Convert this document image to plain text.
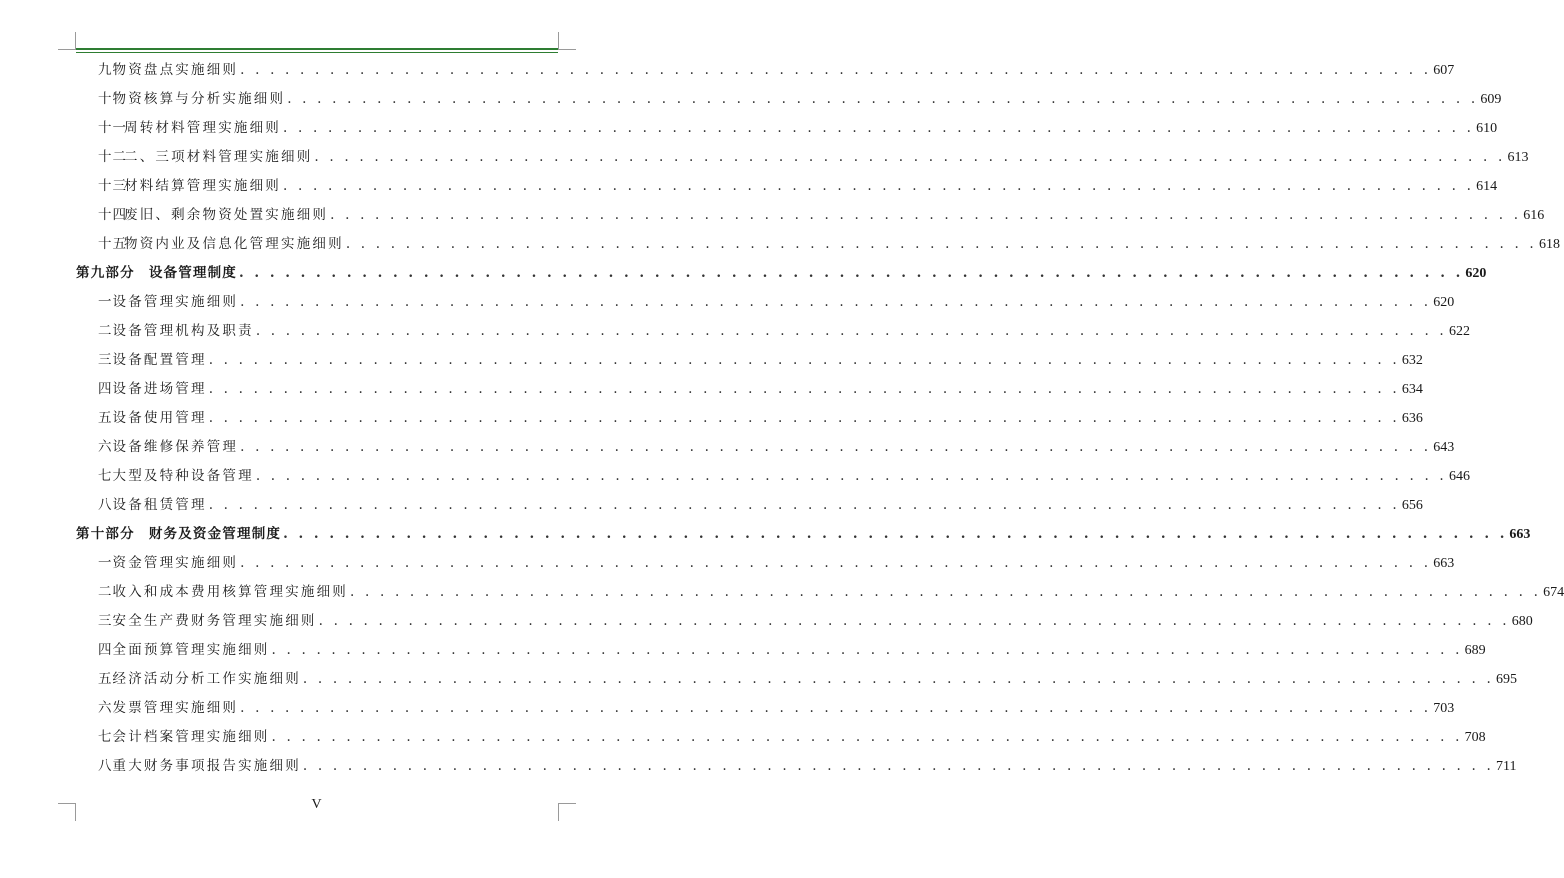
九 物资盘点实施细则 . . . . . . . . . . . . . . . . . . . . . . . . . . . . . . . . . . . . . . . . . . . . . . . . . . . . . . . . . . . . . . . . . . . . . . . . . . . . . . . . 607
十 物资核算与分析实施细则 . . . . . . . . . . . . . . . . . . . . . . . . . . . . . . . . . . . . . . . . . . . . . . . . . . . . . . . . . . . . . . . . . . . . . . . . . . . . . . . . 609
十一
周转材料管理实施细则 . . . . . . . . . . . . . . . . . . . . . . . . . . . . . . . . . . . . . . . . . . . . . . . . . . . . . . . . . . . . . . . . . . . . . . . . . . . . . . . . 610
十二
二、三项材料管理实施细则 . . . . . . . . . . . . . . . . . . . . . . . . . . . . . . . . . . . . . . . . . . . . . . . . . . . . . . . . . . . . . . . . . . . . . . . . . . . . . . . . 613
十三
材料结算管理实施细则 . . . . . . . . . . . . . . . . . . . . . . . . . . . . . . . . . . . . . . . . . . . . . . . . . . . . . . . . . . . . . . . . . . . . . . . . . . . . . . . . 614
十四
废旧、剩余物资处置实施细则 . . . . . . . . . . . . . . . . . . . . . . . . . . . . . . . . . . . . . . . . . . . . . . . . . . . . . . . . . . . . . . . . . . . . . . . . . . . . . . . . 616
十五
物资内业及信息化管理实施细则 . . . . . . . . . . . . . . . . . . . . . . . . . . . . . . . . . . . . . . . . . . . . . . . . . . . . . . . . . . . . . . . . . . . . . . . . . . . . . . . . 618
第九部分 设备管理制度 . . . . . . . . . . . . . . . . . . . . . . . . . . . . . . . . . . . . . . . . . . . . . . . . . . . . . . . . . . . . . . . . . . . . . . . . . . . . . . . . 620
一 设备管理实施细则 . . . . . . . . . . . . . . . . . . . . . . . . . . . . . . . . . . . . . . . . . . . . . . . . . . . . . . . . . . . . . . . . . . . . . . . . . . . . . . . . 620
二 设备管理机构及职责 . . . . . . . . . . . . . . . . . . . . . . . . . . . . . . . . . . . . . . . . . . . . . . . . . . . . . . . . . . . . . . . . . . . . . . . . . . . . . . . . 622
三 设备配置管理 . . . . . . . . . . . . . . . . . . . . . . . . . . . . . . . . . . . . . . . . . . . . . . . . . . . . . . . . . . . . . . . . . . . . . . . . . . . . . . . . 632
四 设备进场管理 . . . . . . . . . . . . . . . . . . . . . . . . . . . . . . . . . . . . . . . . . . . . . . . . . . . . . . . . . . . . . . . . . . . . . . . . . . . . . . . . 634
五 设备使用管理 . . . . . . . . . . . . . . . . . . . . . . . . . . . . . . . . . . . . . . . . . . . . . . . . . . . . . . . . . . . . . . . . . . . . . . . . . . . . . . . . 636
六 设备维修保养管理 . . . . . . . . . . . . . . . . . . . . . . . . . . . . . . . . . . . . . . . . . . . . . . . . . . . . . . . . . . . . . . . . . . . . . . . . . . . . . . . . 643
七 大型及特种设备管理 . . . . . . . . . . . . . . . . . . . . . . . . . . . . . . . . . . . . . . . . . . . . . . . . . . . . . . . . . . . . . . . . . . . . . . . . . . . . . . . . 646
八 设备租赁管理 . . . . . . . . . . . . . . . . . . . . . . . . . . . . . . . . . . . . . . . . . . . . . . . . . . . . . . . . . . . . . . . . . . . . . . . . . . . . . . . . 656
第十部分 财务及资金管理制度 . . . . . . . . . . . . . . . . . . . . . . . . . . . . . . . . . . . . . . . . . . . . . . . . . . . . . . . . . . . . . . . . . . . . . . . . . . . . . . . . 663
一 资金管理实施细则 . . . . . . . . . . . . . . . . . . . . . . . . . . . . . . . . . . . . . . . . . . . . . . . . . . . . . . . . . . . . . . . . . . . . . . . . . . . . . . . . 663
二 收入和成本费用核算管理实施细则 . . . . . . . . . . . . . . . . . . . . . . . . . . . . . . . . . . . . . . . . . . . . . . . . . . . . . . . . . . . . . . . . . . . . . . . . . . . . . . . . 674
三 安全生产费财务管理实施细则 . . . . . . . . . . . . . . . . . . . . . . . . . . . . . . . . . . . . . . . . . . . . . . . . . . . . . . . . . . . . . . . . . . . . . . . . . . . . . . . . 680
四 全面预算管理实施细则 . . . . . . . . . . . . . . . . . . . . . . . . . . . . . . . . . . . . . . . . . . . . . . . . . . . . . . . . . . . . . . . . . . . . . . . . . . . . . . . . 689
五 经济活动分析工作实施细则 . . . . . . . . . . . . . . . . . . . . . . . . . . . . . . . . . . . . . . . . . . . . . . . . . . . . . . . . . . . . . . . . . . . . . . . . . . . . . . . . 695
六 发票管理实施细则 . . . . . . . . . . . . . . . . . . . . . . . . . . . . . . . . . . . . . . . . . . . . . . . . . . . . . . . . . . . . . . . . . . . . . . . . . . . . . . . . 703
七 会计档案管理实施细则 . . . . . . . . . . . . . . . . . . . . . . . . . . . . . . . . . . . . . . . . . . . . . . . . . . . . . . . . . . . . . . . . . . . . . . . . . . . . . . . . 708
八 重大财务事项报告实施细则 . . . . . . . . . . . . . . . . . . . . . . . . . . . . . . . . . . . . . . . . . . . . . . . . . . . . . . . . . . . . . . . . . . . . . . . . . . . . . . . . 711
V
